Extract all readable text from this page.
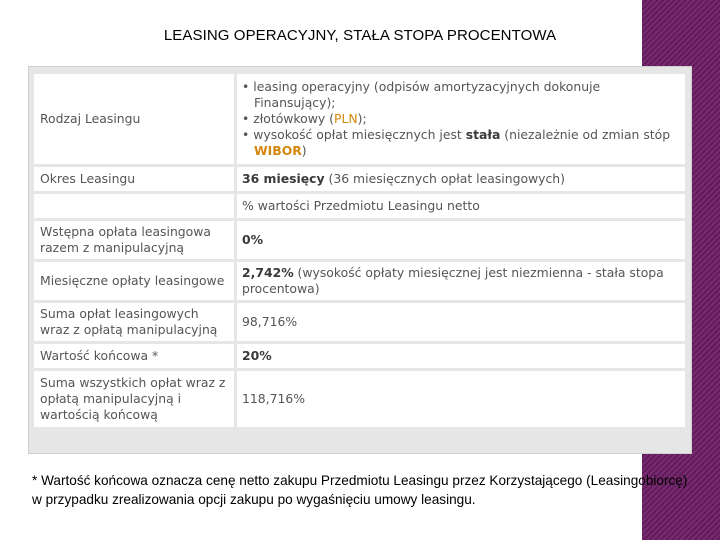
LEASING OPERACYJNY, STAŁA STOPA PROCENTOWA
Rodzaj Leasingu	• leasing operacyjny (odpisów amortyzacyjnych dokonuje Finansujący);
• złotówkowy (PLN);
• wysokość opłat miesięcznych jest stała (niezależnie od zmian stóp WIBOR)

Okres Leasingu	36 miesięcy (36 miesięcznych opłat leasingowych)
	% wartości Przedmiotu Leasingu netto
Wstępna opłata leasingowa razem z manipulacyjną	0%
Miesięczne opłaty leasingowe	2,742% (wysokość opłaty miesięcznej jest niezmienna - stała stopa procentowa)
Suma opłat leasingowych wraz z opłatą manipulacyjną	98,716%
Wartość końcowa *	20%
Suma wszystkich opłat wraz z opłatą manipulacyjną i wartością końcową	118,716%
* Wartość końcowa oznacza cenę netto zakupu Przedmiotu Leasingu przez Korzystającego (Leasingobiorcę) w przypadku zrealizowania opcji zakupu po wygaśnięciu umowy leasingu.
